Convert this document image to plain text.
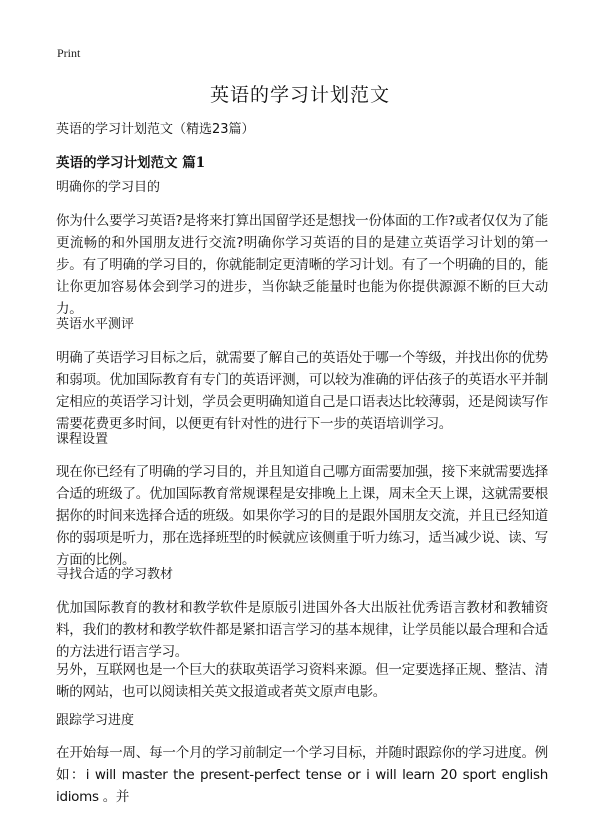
Print
英语的学习计划范文

英语的学习计划范文（精选23篇）

英语的学习计划范文 篇1

明确你的学习目的

你为什么要学习英语?是将来打算出国留学还是想找一份体面的工作?或者仅仅为了能更流畅的和外国朋友进行交流?明确你学习英语的目的是建立英语学习计划的第一步。有了明确的学习目的，你就能制定更清晰的学习计划。有了一个明确的目的，能让你更加容易体会到学习的进步，当你缺乏能量时也能为你提供源源不断的巨大动力。

英语水平测评

明确了英语学习目标之后，就需要了解自己的英语处于哪一个等级，并找出你的优势和弱项。优加国际教育有专门的英语评测，可以较为准确的评估孩子的英语水平并制定相应的英语学习计划，学员会更明确知道自己是口语表达比较薄弱，还是阅读写作需要花费更多时间，以便更有针对性的进行下一步的英语培训学习。

课程设置

现在你已经有了明确的学习目的，并且知道自己哪方面需要加强，接下来就需要选择合适的班级了。优加国际教育常规课程是安排晚上上课，周末全天上课，这就需要根据你的时间来选择合适的班级。如果你学习的目的是跟外国朋友交流，并且已经知道你的弱项是听力，那在选择班型的时候就应该侧重于听力练习，适当减少说、读、写方面的比例。

寻找合适的学习教材

优加国际教育的教材和教学软件是原版引进国外各大出版社优秀语言教材和教辅资料，我们的教材和教学软件都是紧扣语言学习的基本规律，让学员能以最合理和合适的方法进行语言学习。

另外，互联网也是一个巨大的获取英语学习资料来源。但一定要选择正规、整洁、清晰的网站，也可以阅读相关英文报道或者英文原声电影。

跟踪学习进度

在开始每一周、每一个月的学习前制定一个学习目标，并随时跟踪你的学习进度。例如：i will master the present-perfect tense or i will learn 20 sport english idioms 。并
